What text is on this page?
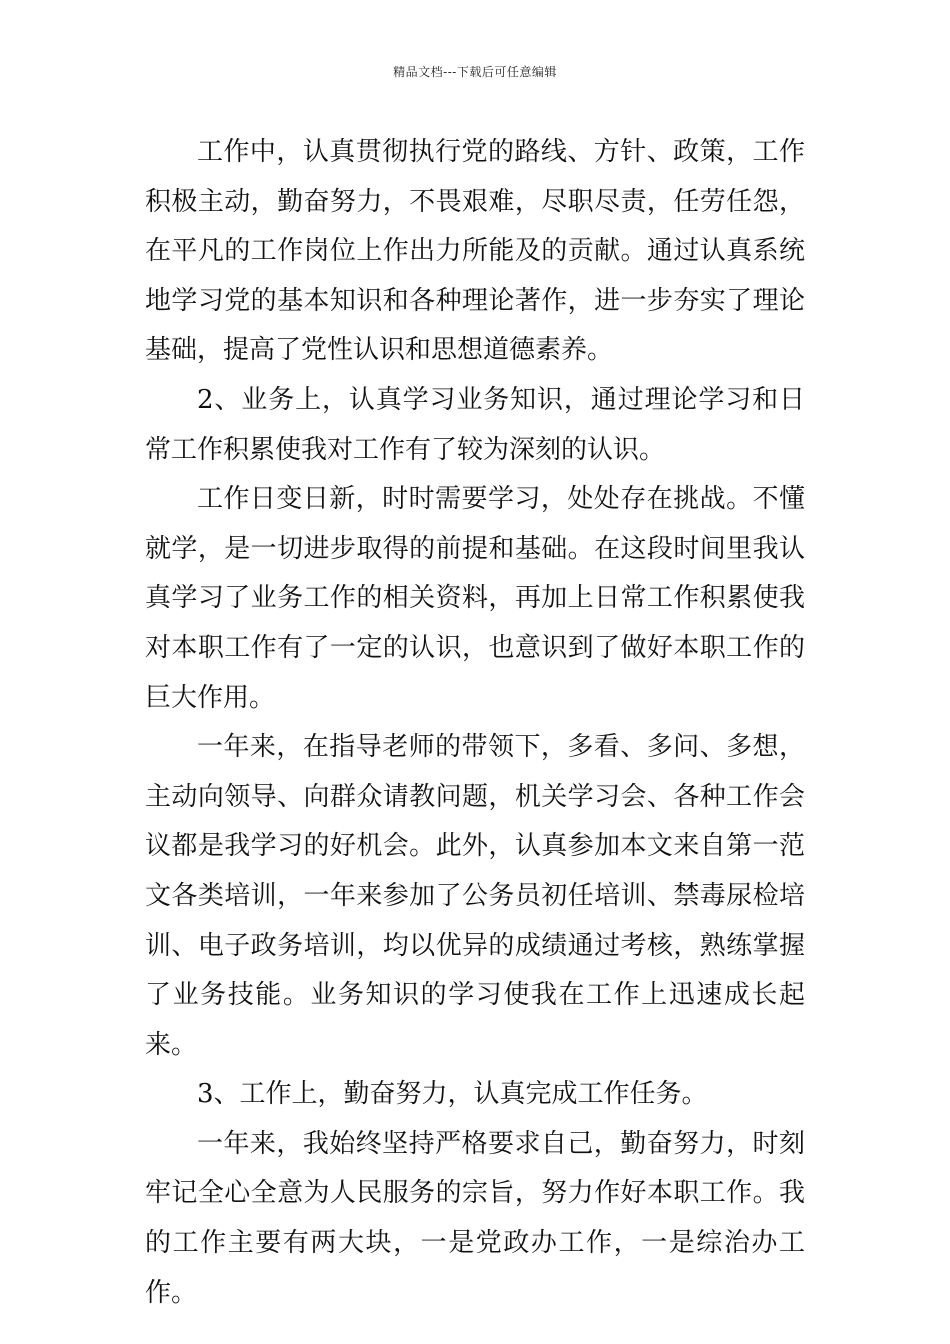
精品文档---下载后可任意编辑

工作中，认真贯彻执行党的路线、方针、政策，工作积极主动，勤奋努力，不畏艰难，尽职尽责，任劳任怨，在平凡的工作岗位上作出力所能及的贡献。通过认真系统地学习党的基本知识和各种理论著作，进一步夯实了理论基础，提高了党性认识和思想道德素养。

2、业务上，认真学习业务知识，通过理论学习和日常工作积累使我对工作有了较为深刻的认识。

工作日变日新，时时需要学习，处处存在挑战。不懂就学，是一切进步取得的前提和基础。在这段时间里我认真学习了业务工作的相关资料，再加上日常工作积累使我对本职工作有了一定的认识，也意识到了做好本职工作的巨大作用。

一年来，在指导老师的带领下，多看、多问、多想，主动向领导、向群众请教问题，机关学习会、各种工作会议都是我学习的好机会。此外，认真参加本文来自第一范文各类培训，一年来参加了公务员初任培训、禁毒尿检培训、电子政务培训，均以优异的成绩通过考核，熟练掌握了业务技能。业务知识的学习使我在工作上迅速成长起来。

3、工作上，勤奋努力，认真完成工作任务。

一年来，我始终坚持严格要求自己，勤奋努力，时刻牢记全心全意为人民服务的宗旨，努力作好本职工作。我的工作主要有两大块，一是党政办工作，一是综治办工作。
